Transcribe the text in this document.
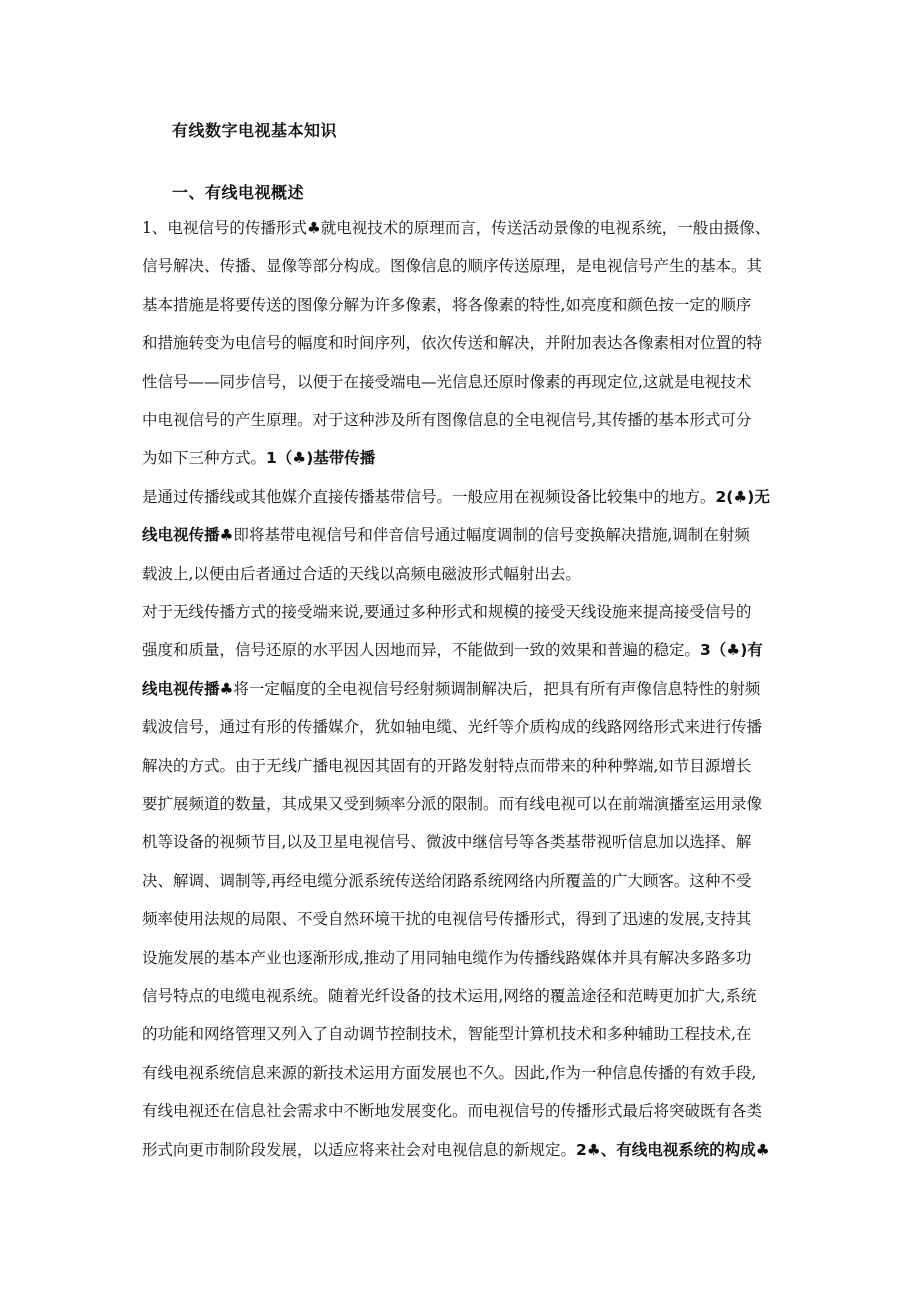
有线数字电视基本知识
一、有线电视概述
1、电视信号的传播形式♣就电视技术的原理而言，传送活动景像的电视系统，一般由摄像、
信号解决、传播、显像等部分构成。图像信息的顺序传送原理，是电视信号产生的基本。其
基本措施是将要传送的图像分解为许多像素，将各像素的特性,如亮度和颜色按一定的顺序
和措施转变为电信号的幅度和时间序列，依次传送和解决，并附加表达各像素相对位置的特
性信号——同步信号，以便于在接受端电—光信息还原时像素的再现定位,这就是电视技术
中电视信号的产生原理。对于这种涉及所有图像信息的全电视信号,其传播的基本形式可分
为如下三种方式。1（♣)基带传播
是通过传播线或其他媒介直接传播基带信号。一般应用在视频设备比较集中的地方。2(♣)无
线电视传播♣即将基带电视信号和伴音信号通过幅度调制的信号变换解决措施,调制在射频
载波上,以便由后者通过合适的天线以高频电磁波形式幅射出去。
对于无线传播方式的接受端来说,要通过多种形式和规模的接受天线设施来提高接受信号的
强度和质量，信号还原的水平因人因地而异，不能做到一致的效果和普遍的稳定。3（♣)有
线电视传播♣将一定幅度的全电视信号经射频调制解决后，把具有所有声像信息特性的射频
载波信号，通过有形的传播媒介，犹如轴电缆、光纤等介质构成的线路网络形式来进行传播
解决的方式。由于无线广播电视因其固有的开路发射特点而带来的种种弊端,如节目源增长
要扩展频道的数量，其成果又受到频率分派的限制。而有线电视可以在前端演播室运用录像
机等设备的视频节目,以及卫星电视信号、微波中继信号等各类基带视听信息加以选择、解
决、解调、调制等,再经电缆分派系统传送给闭路系统网络内所覆盖的广大顾客。这种不受
频率使用法规的局限、不受自然环境干扰的电视信号传播形式，得到了迅速的发展,支持其
设施发展的基本产业也逐渐形成,推动了用同轴电缆作为传播线路媒体并具有解决多路多功
信号特点的电缆电视系统。随着光纤设备的技术运用,网络的覆盖途径和范畴更加扩大,系统
的功能和网络管理又列入了自动调节控制技术，智能型计算机技术和多种辅助工程技术,在
有线电视系统信息来源的新技术运用方面发展也不久。因此,作为一种信息传播的有效手段,
有线电视还在信息社会需求中不断地发展变化。而电视信号的传播形式最后将突破既有各类
形式向更市制阶段发展，以适应将来社会对电视信息的新规定。2♣、有线电视系统的构成♣
